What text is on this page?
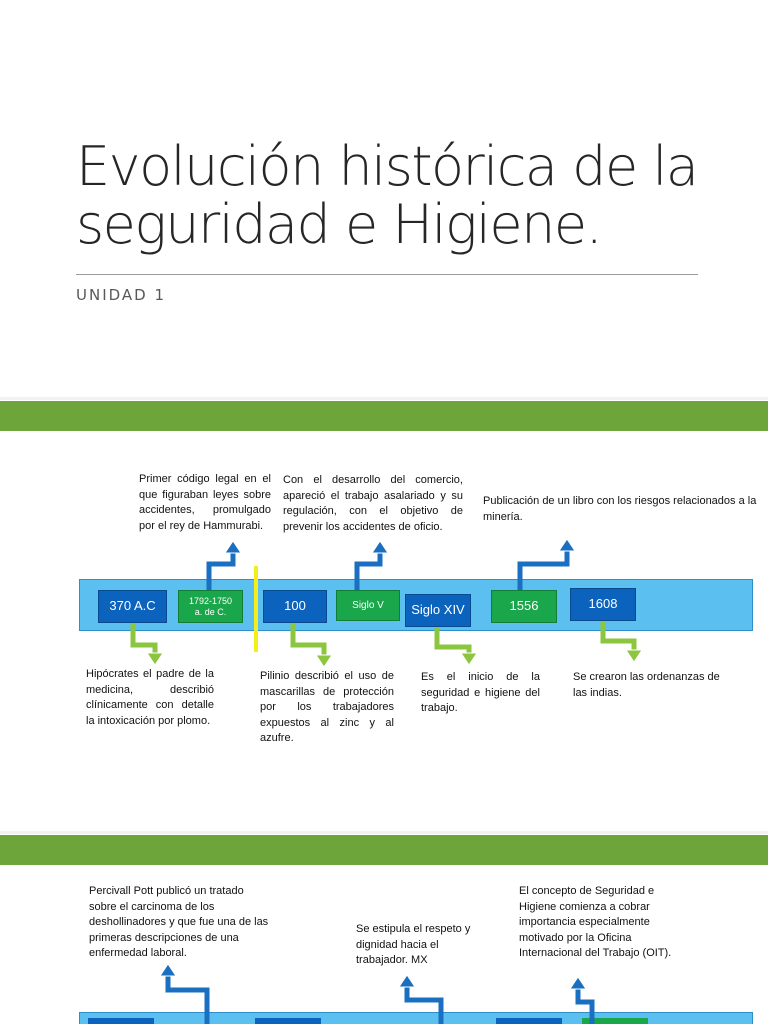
Evolución histórica de la
seguridad e Higiene.
UNIDAD 1
370 A.C	1792-1750
a. de C.	100	Siglo V	Siglo XIV	1556	1608
Primer código legal en el que figuraban leyes sobre accidentes, promulgado por el rey de Hammurabi.
Con el desarrollo del comercio, apareció el trabajo asalariado y su regulación, con el objetivo de prevenir los accidentes de oficio.
Publicación de un libro con los riesgos relacionados a la minería.
Hipócrates el padre de la medicina, describió clínicamente con detalle la intoxicación por plomo.
Pilinio describió el uso de mascarillas de protección por los trabajadores expuestos al zinc y al azufre.
Es el inicio de la seguridad e higiene del trabajo.
Se crearon las ordenanzas de las indias.
Percivall Pott publicó un tratado sobre el carcinoma de los deshollinadores y que fue una de las primeras descripciones de una enfermedad laboral.
Se estipula el respeto y dignidad hacia el trabajador. MX
El concepto de Seguridad e Higiene comienza a cobrar importancia especialmente motivado por la Oficina Internacional del Trabajo (OIT).
